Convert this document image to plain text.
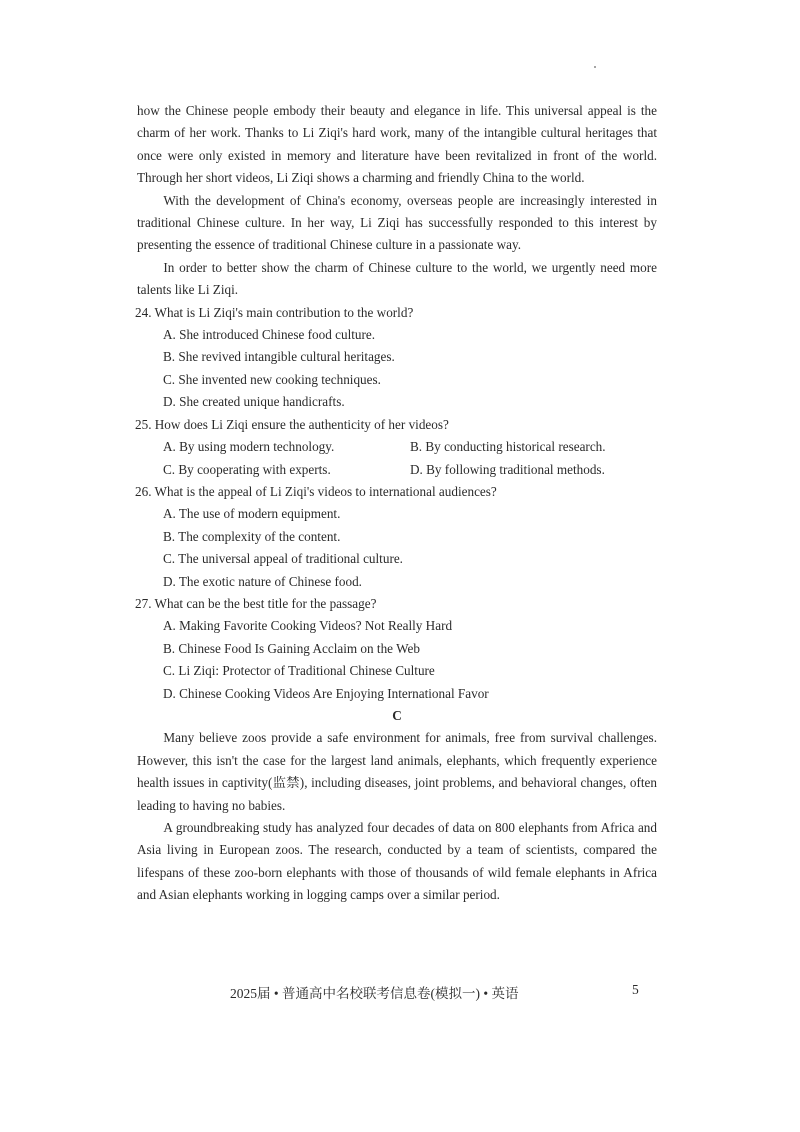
how the Chinese people embody their beauty and elegance in life. This universal appeal is the charm of her work. Thanks to Li Ziqi's hard work, many of the intangible cultural heritages that once were only existed in memory and literature have been revitalized in front of the world. Through her short videos, Li Ziqi shows a charming and friendly China to the world.

With the development of China's economy, overseas people are increasingly interested in traditional Chinese culture. In her way, Li Ziqi has successfully responded to this interest by presenting the essence of traditional Chinese culture in a passionate way.

In order to better show the charm of Chinese culture to the world, we urgently need more talents like Li Ziqi.

24. What is Li Ziqi's main contribution to the world?

A. She introduced Chinese food culture.

B. She revived intangible cultural heritages.

C. She invented new cooking techniques.

D. She created unique handicrafts.

25. How does Li Ziqi ensure the authenticity of her videos?

A. By using modern technology.	B. By conducting historical research.
C. By cooperating with experts.	D. By following traditional methods.

26. What is the appeal of Li Ziqi's videos to international audiences?

A. The use of modern equipment.

B. The complexity of the content.

C. The universal appeal of traditional culture.

D. The exotic nature of Chinese food.

27. What can be the best title for the passage?

A. Making Favorite Cooking Videos? Not Really Hard

B. Chinese Food Is Gaining Acclaim on the Web

C. Li Ziqi: Protector of Traditional Chinese Culture

D. Chinese Cooking Videos Are Enjoying International Favor

C

Many believe zoos provide a safe environment for animals, free from survival challenges. However, this isn't the case for the largest land animals, elephants, which frequently experience health issues in captivity(监禁), including diseases, joint problems, and behavioral changes, often leading to having no babies.

A groundbreaking study has analyzed four decades of data on 800 elephants from Africa and Asia living in European zoos. The research, conducted by a team of scientists, compared the lifespans of these zoo-born elephants with those of thousands of wild female elephants in Africa and Asian elephants working in logging camps over a similar period.

2025届 • 普通高中名校联考信息卷(模拟一) • 英语	5
